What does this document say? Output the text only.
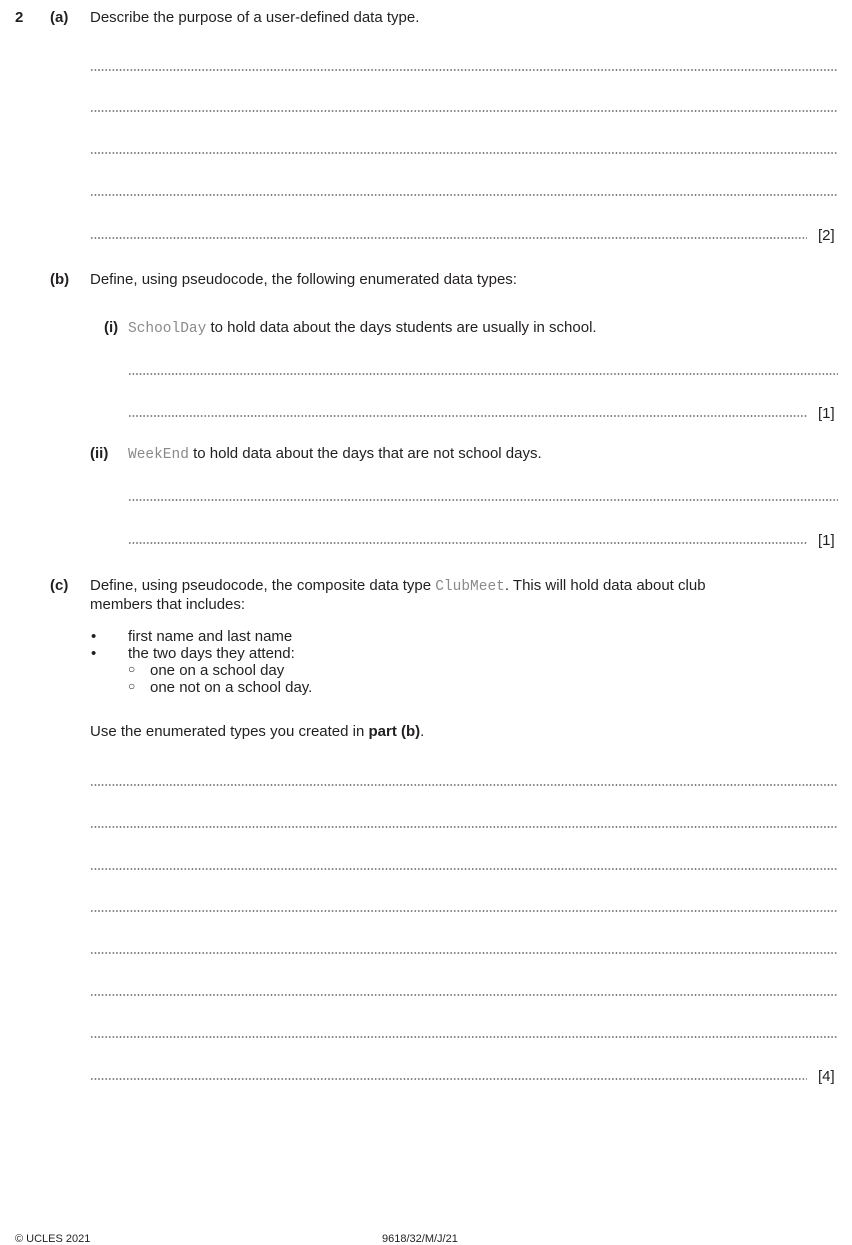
2 (a) Describe the purpose of a user-defined data type.
[2]
(b) Define, using pseudocode, the following enumerated data types:
(i) SchoolDay to hold data about the days students are usually in school.
[1]
(ii) WeekEnd to hold data about the days that are not school days.
[1]
(c) Define, using pseudocode, the composite data type ClubMeet. This will hold data about club
members that includes:
• first name and last name
• the two days they attend:
○ one on a school day
○ one not on a school day.
Use the enumerated types you created in part (b).
[4]
© UCLES 2021	9618/32/M/J/21
